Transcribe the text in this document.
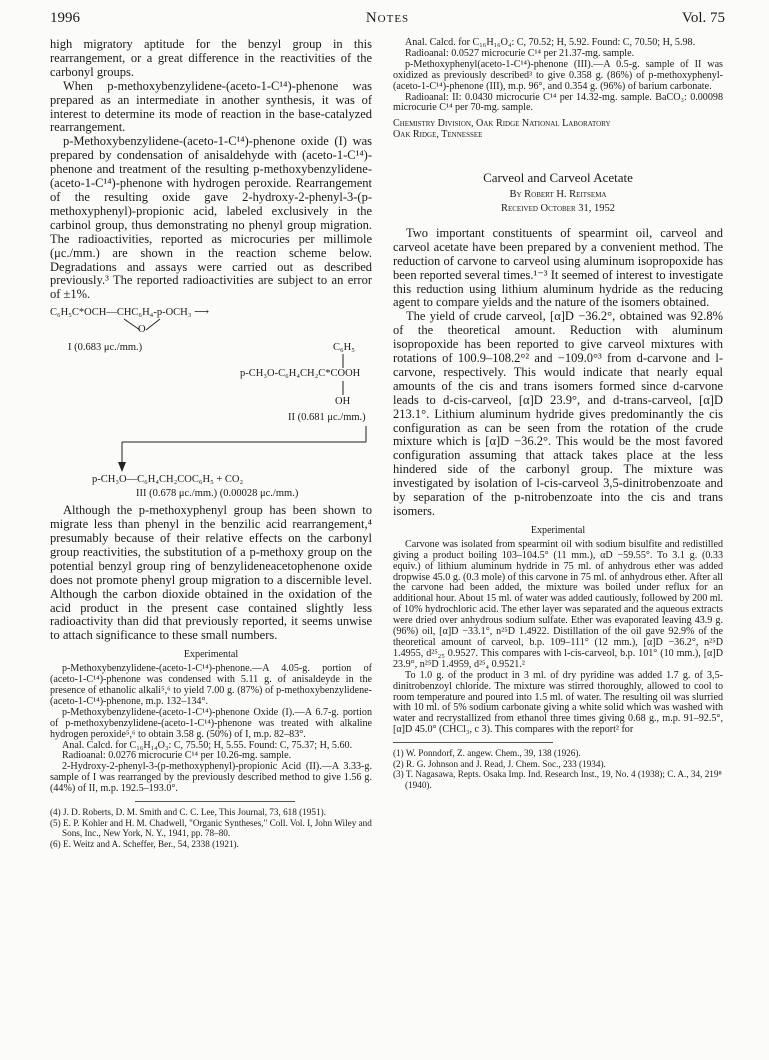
1996	Notes	Vol. 75

high migratory aptitude for the benzyl group in this rearrangement, or a great difference in the reactivities of the carbonyl groups.

When p-methoxybenzylidene-(aceto-1-C¹⁴)-phenone was prepared as an intermediate in another synthesis, it was of interest to determine its mode of reaction in the base-catalyzed rearrangement.

p-Methoxybenzylidene-(aceto-1-C¹⁴)-phenone oxide (I) was prepared by condensation of anisaldehyde with (aceto-1-C¹⁴)-phenone and treatment of the resulting p-methoxybenzylidene-(aceto-1-C¹⁴)-phenone with hydrogen peroxide. Rearrangement of the resulting oxide gave 2-hydroxy-2-phenyl-3-(p-methoxyphenyl)-propionic acid, labeled exclusively in the carbinol group, thus demonstrating no phenyl group migration. The radioactivities, reported as microcuries per millimole (μc./mm.) are shown in the reaction scheme below. Degradations and assays were carried out as described previously.³ The reported radioactivities are subject to an error of ±1%.

C₆H₅C*OCH—CHC₆H₄-p-OCH₃ ⟶
O
I (0.683 μc./mm.)	C₆H₅
p-CH₃O-C₆H₄CH₂C*COOH
OH
II (0.681 μc./mm.)
p-CH₃O—C₆H₄CH₂COC₆H₅ + CO₂
III (0.678 μc./mm.) (0.00028 μc./mm.)

Although the p-methoxyphenyl group has been shown to migrate less than phenyl in the benzilic acid rearrangement,⁴ presumably because of their relative effects on the carbonyl group reactivities, the substitution of a p-methoxy group on the potential benzyl group ring of benzylideneacetophenone oxide does not promote phenyl group migration to a discernible level. Although the carbon dioxide obtained in the oxidation of the acid product in the present case contained slightly less radioactivity than did that previously reported, it seems unwise to attach significance to these small numbers.

Experimental

p-Methoxybenzylidene-(aceto-1-C¹⁴)-phenone.—A 4.05-g. portion of (aceto-1-C¹⁴)-phenone was condensed with 5.11 g. of anisaldeyde in the presence of ethanolic alkali⁵,⁶ to yield 7.00 g. (87%) of p-methoxybenzylidene-(aceto-1-C¹⁴)-phenone, m.p. 132–134°.

p-Methoxybenzylidene-(aceto-1-C¹⁴)-phenone Oxide (I).—A 6.7-g. portion of p-methoxybenzylidene-(aceto-1-C¹⁴)-phenone was treated with alkaline hydrogen peroxide⁵,⁶ to obtain 3.58 g. (50%) of I, m.p. 82–83°.

Anal. Calcd. for C₁₆H₁₄O₃: C, 75.50; H, 5.55. Found: C, 75.37; H, 5.60.

Radioanal: 0.0276 microcurie C¹⁴ per 10.26-mg. sample.

2-Hydroxy-2-phenyl-3-(p-methoxyphenyl)-propionic Acid (II).—A 3.33-g. sample of I was rearranged by the previously described method to give 1.56 g. (44%) of II, m.p. 192.5–193.0°.

(4) J. D. Roberts, D. M. Smith and C. C. Lee, This Journal, 73, 618 (1951).

(5) E. P. Kohler and H. M. Chadwell, "Organic Syntheses," Coll. Vol. I, John Wiley and Sons, Inc., New York, N. Y., 1941, pp. 78–80.

(6) E. Weitz and A. Scheffer, Ber., 54, 2338 (1921).

Anal. Calcd. for C₁₆H₁₆O₄: C, 70.52; H, 5.92. Found: C, 70.50; H, 5.98.

Radioanal: 0.0527 microcurie C¹⁴ per 21.37-mg. sample.

p-Methoxyphenyl(aceto-1-C¹⁴)-phenone (III).—A 0.5-g. sample of II was oxidized as previously described³ to give 0.358 g. (86%) of p-methoxyphenyl-(aceto-1-C¹⁴)-phenone (III), m.p. 96°, and 0.354 g. (96%) of barium carbonate.

Radioanal: II: 0.0430 microcurie C¹⁴ per 14.32-mg. sample. BaCO₃: 0.00098 microcurie C¹⁴ per 70-mg. sample.

Chemistry Division, Oak Ridge National Laboratory

Oak Ridge, Tennessee

Carveol and Carveol Acetate

By Robert H. Reitsema

Received October 31, 1952

Two important constituents of spearmint oil, carveol and carveol acetate have been prepared by a convenient method. The reduction of carvone to carveol using aluminum isopropoxide has been reported several times.¹⁻³ It seemed of interest to investigate this reduction using lithium aluminum hydride as the reducing agent to compare yields and the nature of the isomers obtained.

The yield of crude carveol, [α]D −36.2°, obtained was 92.8% of the theoretical amount. Reduction with aluminum isopropoxide has been reported to give carveol mixtures with rotations of 100.9–108.2°² and −109.0°³ from d-carvone and l-carvone, respectively. This would indicate that nearly equal amounts of the cis and trans isomers formed since d-carvone leads to d-cis-carveol, [α]D 23.9°, and d-trans-carveol, [α]D 213.1°. Lithium aluminum hydride gives predominantly the cis configuration as can be seen from the rotation of the crude mixture which is [α]D −36.2°. This would be the most favored configuration assuming that attack takes place at the less hindered side of the carbonyl group. The mixture was investigated by isolation of l-cis-carveol 3,5-dinitrobenzoate and by separation of the p-nitrobenzoate into the cis and trans isomers.

Experimental

Carvone was isolated from spearmint oil with sodium bisulfite and redistilled giving a product boiling 103–104.5° (11 mm.), αD −59.55°. To 3.1 g. (0.33 equiv.) of lithium aluminum hydride in 75 ml. of anhydrous ether was added dropwise 45.0 g. (0.3 mole) of this carvone in 75 ml. of anhydrous ether. After all the carvone had been added, the mixture was boiled under reflux for an additional hour. About 15 ml. of water was added cautiously, followed by 200 ml. of 10% hydrochloric acid. The ether layer was separated and the aqueous extracts were dried over anhydrous sodium sulfate. Ether was evaporated leaving 43.9 g. (96%) oil, [α]D −33.1°, n²⁵D 1.4922. Distillation of the oil gave 92.9% of the theoretical amount of carveol, b.p. 109–111° (12 mm.), [α]D −36.2°, n²⁵D 1.4955, d²⁵₂₅ 0.9527. This compares with l-cis-carveol, b.p. 101° (10 mm.), [α]D 23.9°, n²⁵D 1.4959, d²⁵₄ 0.9521.²

To 1.0 g. of the product in 3 ml. of dry pyridine was added 1.7 g. of 3,5-dinitrobenzoyl chloride. The mixture was stirred thoroughly, allowed to cool to room temperature and poured into 1.5 ml. of water. The resulting oil was slurried with 10 ml. of 5% sodium carbonate giving a white solid which was washed with water and recrystallized from ethanol three times giving 0.68 g., m.p. 91–92.5°, [α]D 45.0° (CHCl₃, c 3). This compares with the report² for

(1) W. Ponndorf, Z. angew. Chem., 39, 138 (1926).

(2) R. G. Johnson and J. Read, J. Chem. Soc., 233 (1934).

(3) T. Nagasawa, Repts. Osaka Imp. Ind. Research Inst., 19, No. 4 (1938); C. A., 34, 219⁸ (1940).
